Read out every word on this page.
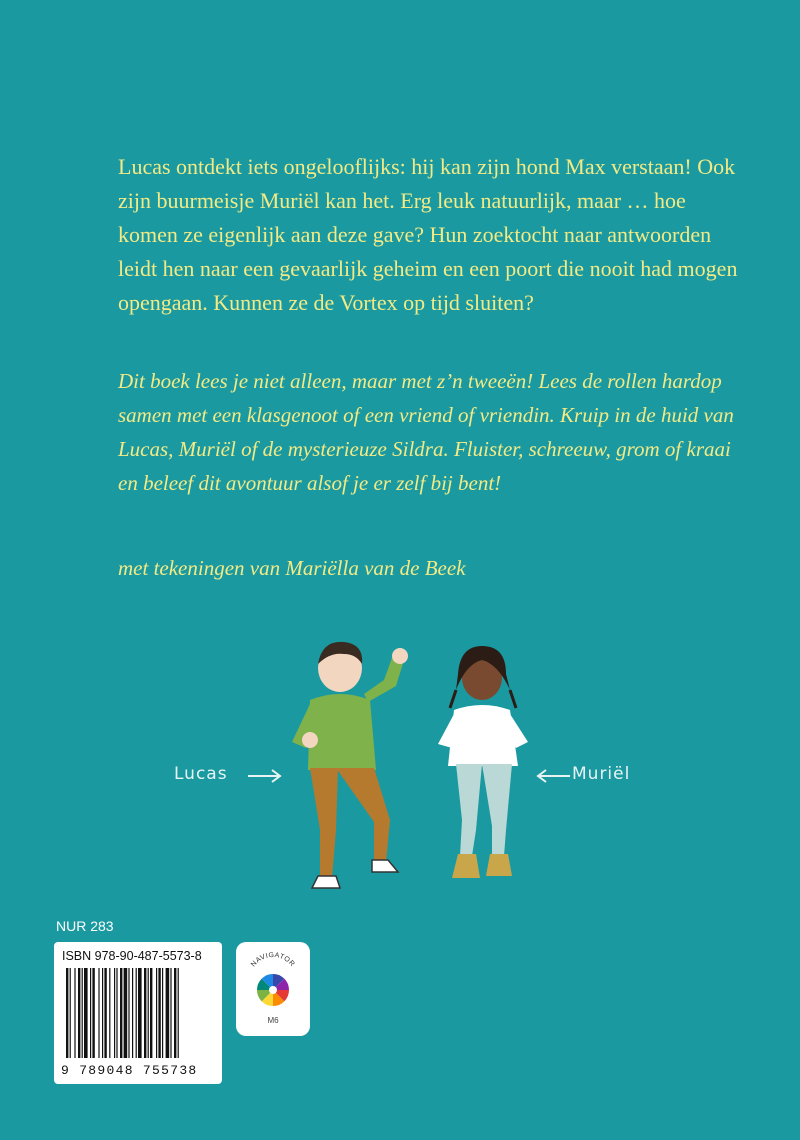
Lucas ontdekt iets ongelooflijks: hij kan zijn hond Max verstaan! Ook zijn buurmeisje Muriël kan het. Erg leuk natuurlijk, maar … hoe komen ze eigenlijk aan deze gave? Hun zoektocht naar antwoorden leidt hen naar een gevaarlijk geheim en een poort die nooit had mogen opengaan. Kunnen ze de Vortex op tijd sluiten?

Dit boek lees je niet alleen, maar met z’n tweeën! Lees de rollen hardop samen met een klasgenoot of een vriend of vriendin. Kruip in de huid van Lucas, Muriël of de mysterieuze Sildra. Fluister, schreeuw, grom of kraai en beleef dit avontuur alsof je er zelf bij bent!

met tekeningen van Mariëlla van de Beek

Lucas	Muriël
NUR 283
ISBN 978-90-487-5573-8
9 789048 755738
NAVIGATOR
M6
